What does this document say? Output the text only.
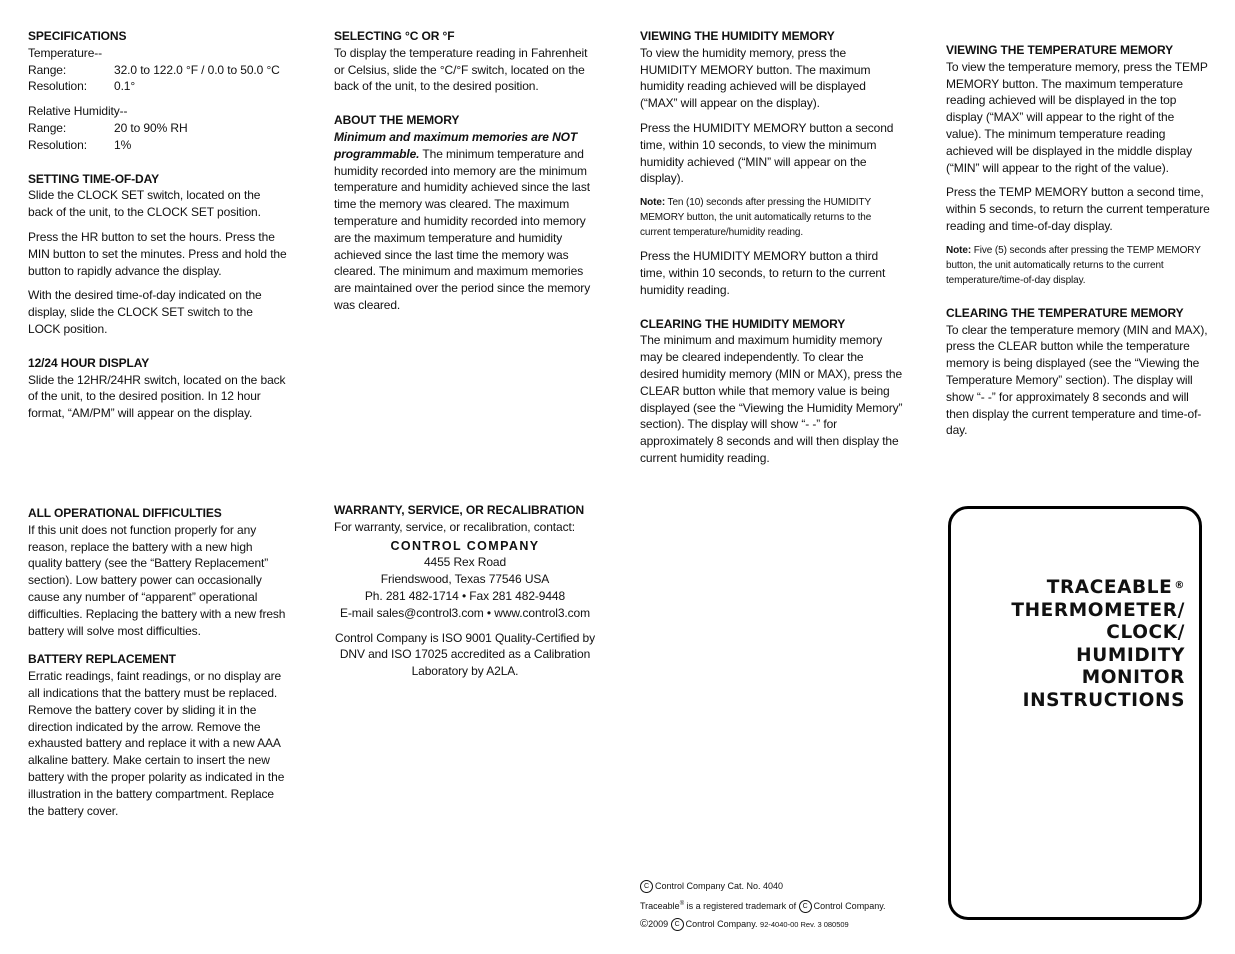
SPECIFICATIONS
Temperature--
Range:	32.0 to 122.0 °F / 0.0 to 50.0 °C
Resolution:	0.1°
Relative Humidity--
Range:	20 to 90% RH
Resolution:	1%
SETTING TIME-OF-DAY

Slide the CLOCK SET switch, located on the back of the unit, to the CLOCK SET position.

Press the HR button to set the hours. Press the MIN button to set the minutes. Press and hold the button to rapidly advance the display.

With the desired time-of-day indicated on the display, slide the CLOCK SET switch to the LOCK position.

12/24 HOUR DISPLAY

Slide the 12HR/24HR switch, located on the back of the unit, to the desired position. In 12 hour format, “AM/PM” will appear on the display.

SELECTING °C OR °F

To display the temperature reading in Fahrenheit or Celsius, slide the °C/°F switch, located on the back of the unit, to the desired position.

ABOUT THE MEMORY

Minimum and maximum memories are NOT programmable. The minimum temperature and humidity recorded into memory are the minimum temperature and humidity achieved since the last time the memory was cleared. The maximum temperature and humidity recorded into memory are the maximum temperature and humidity achieved since the last time the memory was cleared. The minimum and maximum memories are maintained over the period since the memory was cleared.

VIEWING THE HUMIDITY MEMORY

To view the humidity memory, press the HUMIDITY MEMORY button. The maximum humidity reading achieved will be displayed (“MAX” will appear on the display).

Press the HUMIDITY MEMORY button a second time, within 10 seconds, to view the minimum humidity achieved (“MIN” will appear on the display).

Note: Ten (10) seconds after pressing the HUMIDITY MEMORY button, the unit automatically returns to the current temperature/humidity reading.

Press the HUMIDITY MEMORY button a third time, within 10 seconds, to return to the current humidity reading.

CLEARING THE HUMIDITY MEMORY

The minimum and maximum humidity memory may be cleared independently. To clear the desired humidity memory (MIN or MAX), press the CLEAR button while that memory value is being displayed (see the “Viewing the Humidity Memory” section). The display will show “- -” for approximately 8 seconds and will then display the current humidity reading.

VIEWING THE TEMPERATURE MEMORY

To view the temperature memory, press the TEMP MEMORY button. The maximum temperature reading achieved will be displayed in the top display (“MAX” will appear to the right of the value). The minimum temperature reading achieved will be displayed in the middle display (“MIN” will appear to the right of the value).

Press the TEMP MEMORY button a second time, within 5 seconds, to return the current temperature reading and time-of-day display.

Note: Five (5) seconds after pressing the TEMP MEMORY button, the unit automatically returns to the current temperature/time-of-day display.

CLEARING THE TEMPERATURE MEMORY

To clear the temperature memory (MIN and MAX), press the CLEAR button while the temperature memory is being displayed (see the “Viewing the Temperature Memory” section). The display will show “- -” for approximately 8 seconds and will then display the current temperature and time-of-day.

ALL OPERATIONAL DIFFICULTIES

If this unit does not function properly for any reason, replace the battery with a new high quality battery (see the “Battery Replacement” section). Low battery power can occasionally cause any number of “apparent” operational difficulties. Replacing the battery with a new fresh battery will solve most difficulties.

BATTERY REPLACEMENT

Erratic readings, faint readings, or no display are all indications that the battery must be replaced. Remove the battery cover by sliding it in the direction indicated by the arrow. Remove the exhausted battery and replace it with a new AAA alkaline battery. Make certain to insert the new battery with the proper polarity as indicated in the illustration in the battery compartment. Replace the battery cover.

WARRANTY, SERVICE, OR RECALIBRATION
For warranty, service, or recalibration, contact:
CONTROL COMPANY
4455 Rex Road
Friendswood, Texas 77546 USA
Ph. 281 482-1714 • Fax 281 482-9448
E-mail sales@control3.com • www.control3.com
Control Company is ISO 9001 Quality-Certified by DNV and ISO 17025 accredited as a Calibration Laboratory by A2LA.
C Control Company Cat. No. 4040
Traceable® is a registered trademark of C Control Company.
©2009 C Control Company. 92-4040-00 Rev. 3 080509
TRACEABLE ®
THERMOMETER/
CLOCK/
HUMIDITY
MONITOR
INSTRUCTIONS
